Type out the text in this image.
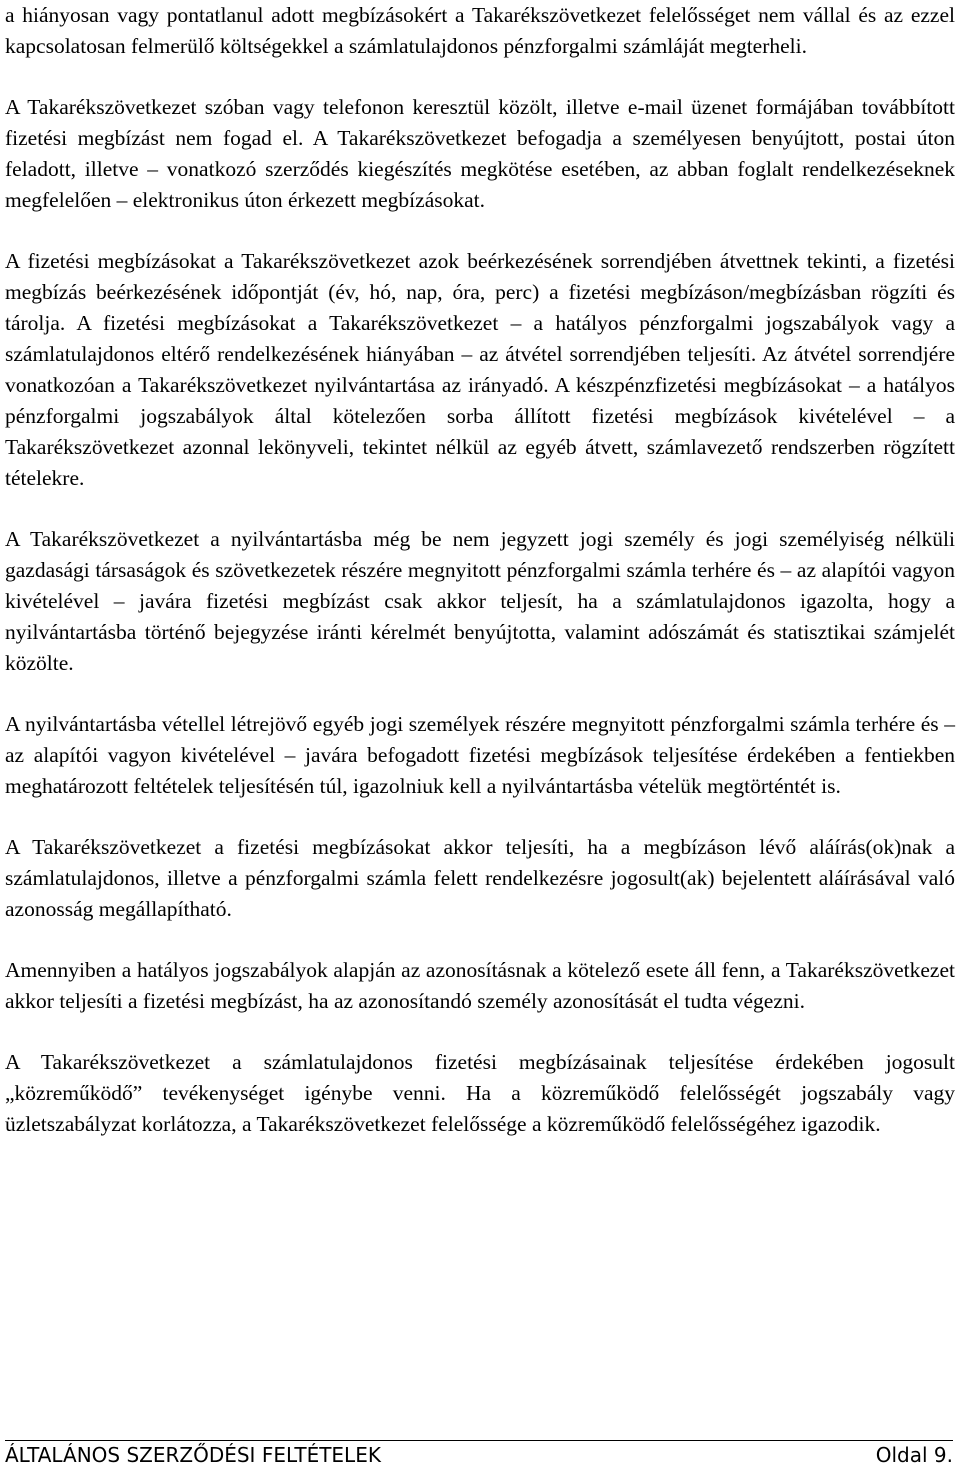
a hiányosan vagy pontatlanul adott megbízásokért a Takarékszövetkezet felelősséget nem vállal és az ezzel kapcsolatosan felmerülő költségekkel a számlatulajdonos pénzforgalmi számláját megterheli.

A Takarékszövetkezet szóban vagy telefonon keresztül közölt, illetve e-mail üzenet formájában továbbított fizetési megbízást nem fogad el. A Takarékszövetkezet befogadja a személyesen benyújtott, postai úton feladott, illetve – vonatkozó szerződés kiegészítés megkötése esetében, az abban foglalt rendelkezéseknek megfelelően – elektronikus úton érkezett megbízásokat.

A fizetési megbízásokat a Takarékszövetkezet azok beérkezésének sorrendjében átvettnek tekinti, a fizetési megbízás beérkezésének időpontját (év, hó, nap, óra, perc) a fizetési megbízáson/megbízásban rögzíti és tárolja. A fizetési megbízásokat a Takarékszövetkezet – a hatályos pénzforgalmi jogszabályok vagy a számlatulajdonos eltérő rendelkezésének hiányában – az átvétel sorrendjében teljesíti. Az átvétel sorrendjére vonatkozóan a Takarékszövetkezet nyilvántartása az irányadó. A készpénzfizetési megbízásokat – a hatályos pénzforgalmi jogszabályok által kötelezően sorba állított fizetési megbízások kivételével – a Takarékszövetkezet azonnal lekönyveli, tekintet nélkül az egyéb átvett, számlavezető rendszerben rögzített tételekre.

A Takarékszövetkezet a nyilvántartásba még be nem jegyzett jogi személy és jogi személyiség nélküli gazdasági társaságok és szövetkezetek részére megnyitott pénzforgalmi számla terhére és – az alapítói vagyon kivételével – javára fizetési megbízást csak akkor teljesít, ha a számlatulajdonos igazolta, hogy a nyilvántartásba történő bejegyzése iránti kérelmét benyújtotta, valamint adószámát és statisztikai számjelét közölte.

A nyilvántartásba vétellel létrejövő egyéb jogi személyek részére megnyitott pénzforgalmi számla terhére és – az alapítói vagyon kivételével – javára befogadott fizetési megbízások teljesítése érdekében a fentiekben meghatározott feltételek teljesítésén túl, igazolniuk kell a nyilvántartásba vételük megtörténtét is.

A Takarékszövetkezet a fizetési megbízásokat akkor teljesíti, ha a megbízáson lévő aláírás(ok)nak a számlatulajdonos, illetve a pénzforgalmi számla felett rendelkezésre jogosult(ak) bejelentett aláírásával való azonosság megállapítható.

Amennyiben a hatályos jogszabályok alapján az azonosításnak a kötelező esete áll fenn, a Takarékszövetkezet akkor teljesíti a fizetési megbízást, ha az azonosítandó személy azonosítását el tudta végezni.

A Takarékszövetkezet a számlatulajdonos fizetési megbízásainak teljesítése érdekében jogosult „közreműködő” tevékenységet igénybe venni. Ha a közreműködő felelősségét jogszabály vagy üzletszabályzat korlátozza, a Takarékszövetkezet felelőssége a közreműködő felelősségéhez igazodik.

ÁLTALÁNOS SZERZŐDÉSI FELTÉTELEK	Oldal 9.
